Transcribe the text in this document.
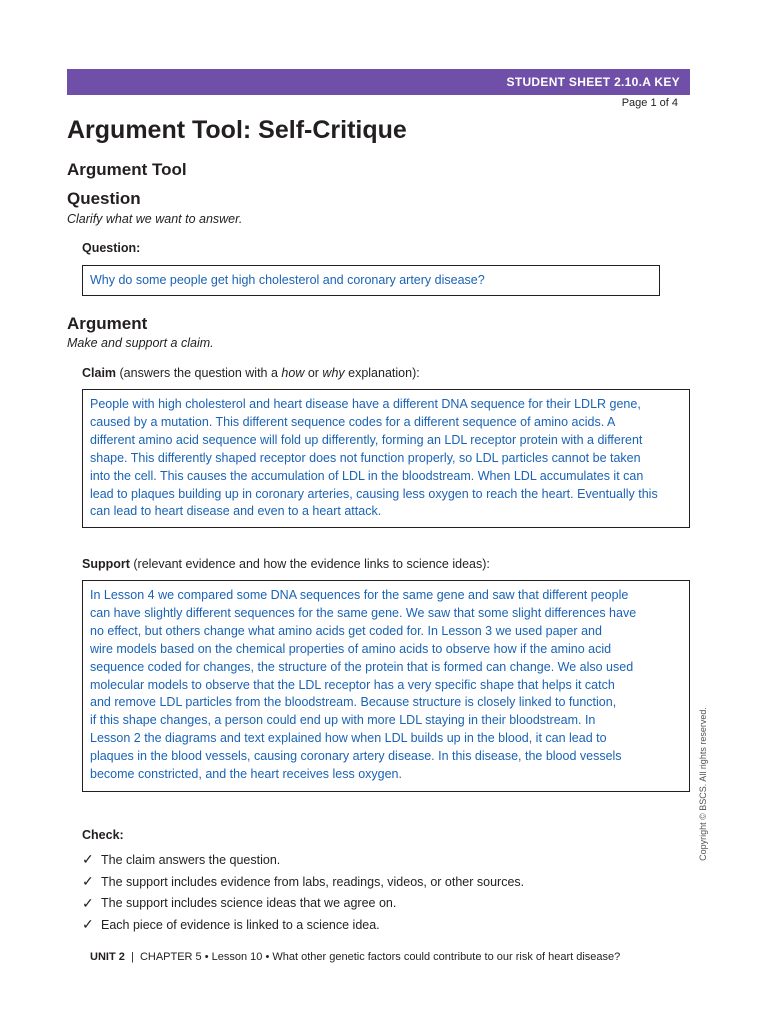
STUDENT SHEET 2.10.A KEY
Page 1 of 4
Argument Tool: Self-Critique
Argument Tool
Question
Clarify what we want to answer.
Question:
Why do some people get high cholesterol and coronary artery disease?
Argument
Make and support a claim.
Claim (answers the question with a how or why explanation):
People with high cholesterol and heart disease have a different DNA sequence for their LDLR gene,
caused by a mutation. This different sequence codes for a different sequence of amino acids. A
different amino acid sequence will fold up differently, forming an LDL receptor protein with a different
shape. This differently shaped receptor does not function properly, so LDL particles cannot be taken
into the cell. This causes the accumulation of LDL in the bloodstream. When LDL accumulates it can
lead to plaques building up in coronary arteries, causing less oxygen to reach the heart. Eventually this
can lead to heart disease and even to a heart attack.
Support (relevant evidence and how the evidence links to science ideas):
In Lesson 4 we compared some DNA sequences for the same gene and saw that different people
can have slightly different sequences for the same gene. We saw that some slight differences have
no effect, but others change what amino acids get coded for. In Lesson 3 we used paper and
wire models based on the chemical properties of amino acids to observe how if the amino acid
sequence coded for changes, the structure of the protein that is formed can change. We also used
molecular models to observe that the LDL receptor has a very specific shape that helps it catch
and remove LDL particles from the bloodstream. Because structure is closely linked to function,
if this shape changes, a person could end up with more LDL staying in their bloodstream. In
Lesson 2 the diagrams and text explained how when LDL builds up in the blood, it can lead to
plaques in the blood vessels, causing coronary artery disease. In this disease, the blood vessels
become constricted, and the heart receives less oxygen.
Check:
✓ The claim answers the question.
✓ The support includes evidence from labs, readings, videos, or other sources.
✓ The support includes science ideas that we agree on.
✓ Each piece of evidence is linked to a science idea.
UNIT 2  |  CHAPTER 5 • Lesson 10 • What other genetic factors could contribute to our risk of heart disease?
Copyright © BSCS. All rights reserved.
